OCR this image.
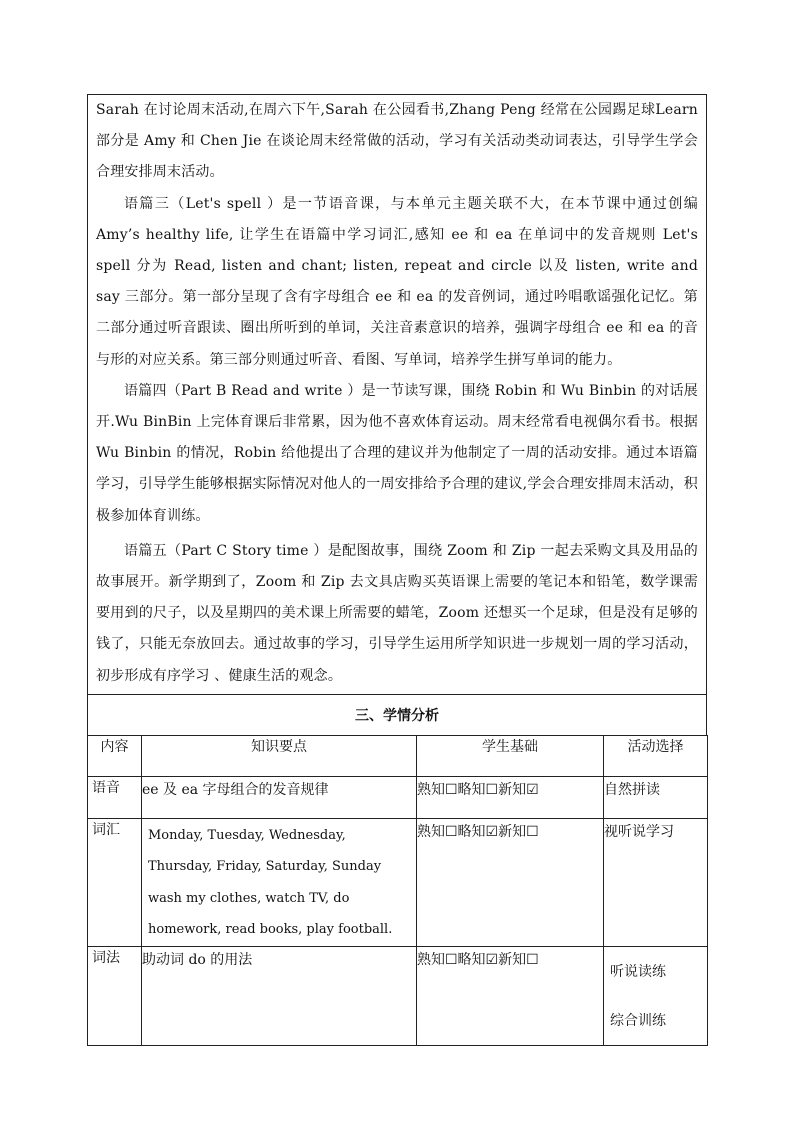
Sarah 在讨论周末活动,在周六下午,Sarah 在公园看书,Zhang Peng 经常在公园踢足球Learn 部分是 Amy 和 Chen Jie 在谈论周末经常做的活动，学习有关活动类动词表达，引导学生学会合理安排周末活动。

语篇三（Let's spell ）是一节语音课，与本单元主题关联不大，在本节课中通过创编 Amy’s healthy life, 让学生在语篇中学习词汇,感知 ee 和 ea 在单词中的发音规则 Let's spell 分为 Read, listen and chant; listen, repeat and circle 以及 listen, write and say 三部分。第一部分呈现了含有字母组合 ee 和 ea 的发音例词，通过吟唱歌谣强化记忆。第二部分通过听音跟读、圈出所听到的单词，关注音素意识的培养，强调字母组合 ee 和 ea 的音与形的对应关系。第三部分则通过听音、看图、写单词，培养学生拼写单词的能力。

语篇四（Part B Read and write ）是一节读写课，围绕 Robin 和 Wu Binbin 的对话展开.Wu BinBin 上完体育课后非常累，因为他不喜欢体育运动。周末经常看电视偶尔看书。根据 Wu Binbin 的情况，Robin 给他提出了合理的建议并为他制定了一周的活动安排。通过本语篇学习，引导学生能够根据实际情况对他人的一周安排给予合理的建议,学会合理安排周末活动，积极参加体育训练。

语篇五（Part C Story time ）是配图故事，围绕 Zoom 和 Zip 一起去采购文具及用品的故事展开。新学期到了，Zoom 和 Zip 去文具店购买英语课上需要的笔记本和铅笔，数学课需要用到的尺子，以及星期四的美术课上所需要的蜡笔，Zoom 还想买一个足球，但是没有足够的钱了，只能无奈放回去。通过故事的学习，引导学生运用所学知识进一步规划一周的学习活动，初步形成有序学习 、健康生活的观念。

三、学情分析
内容	知识要点	学生基础	活动选择
语音	ee 及 ea 字母组合的发音规律	熟知☐略知☐新知☑	自然拼读

词汇	Monday, Tuesday, Wednesday,
Thursday, Friday, Saturday, Sunday
wash my clothes, watch TV, do
homework, read books, play football.	熟知☐略知☑新知☐	视听说学习

词法	助动词 do 的用法	熟知☐略知☑新知☐	听说读练
综合训练
